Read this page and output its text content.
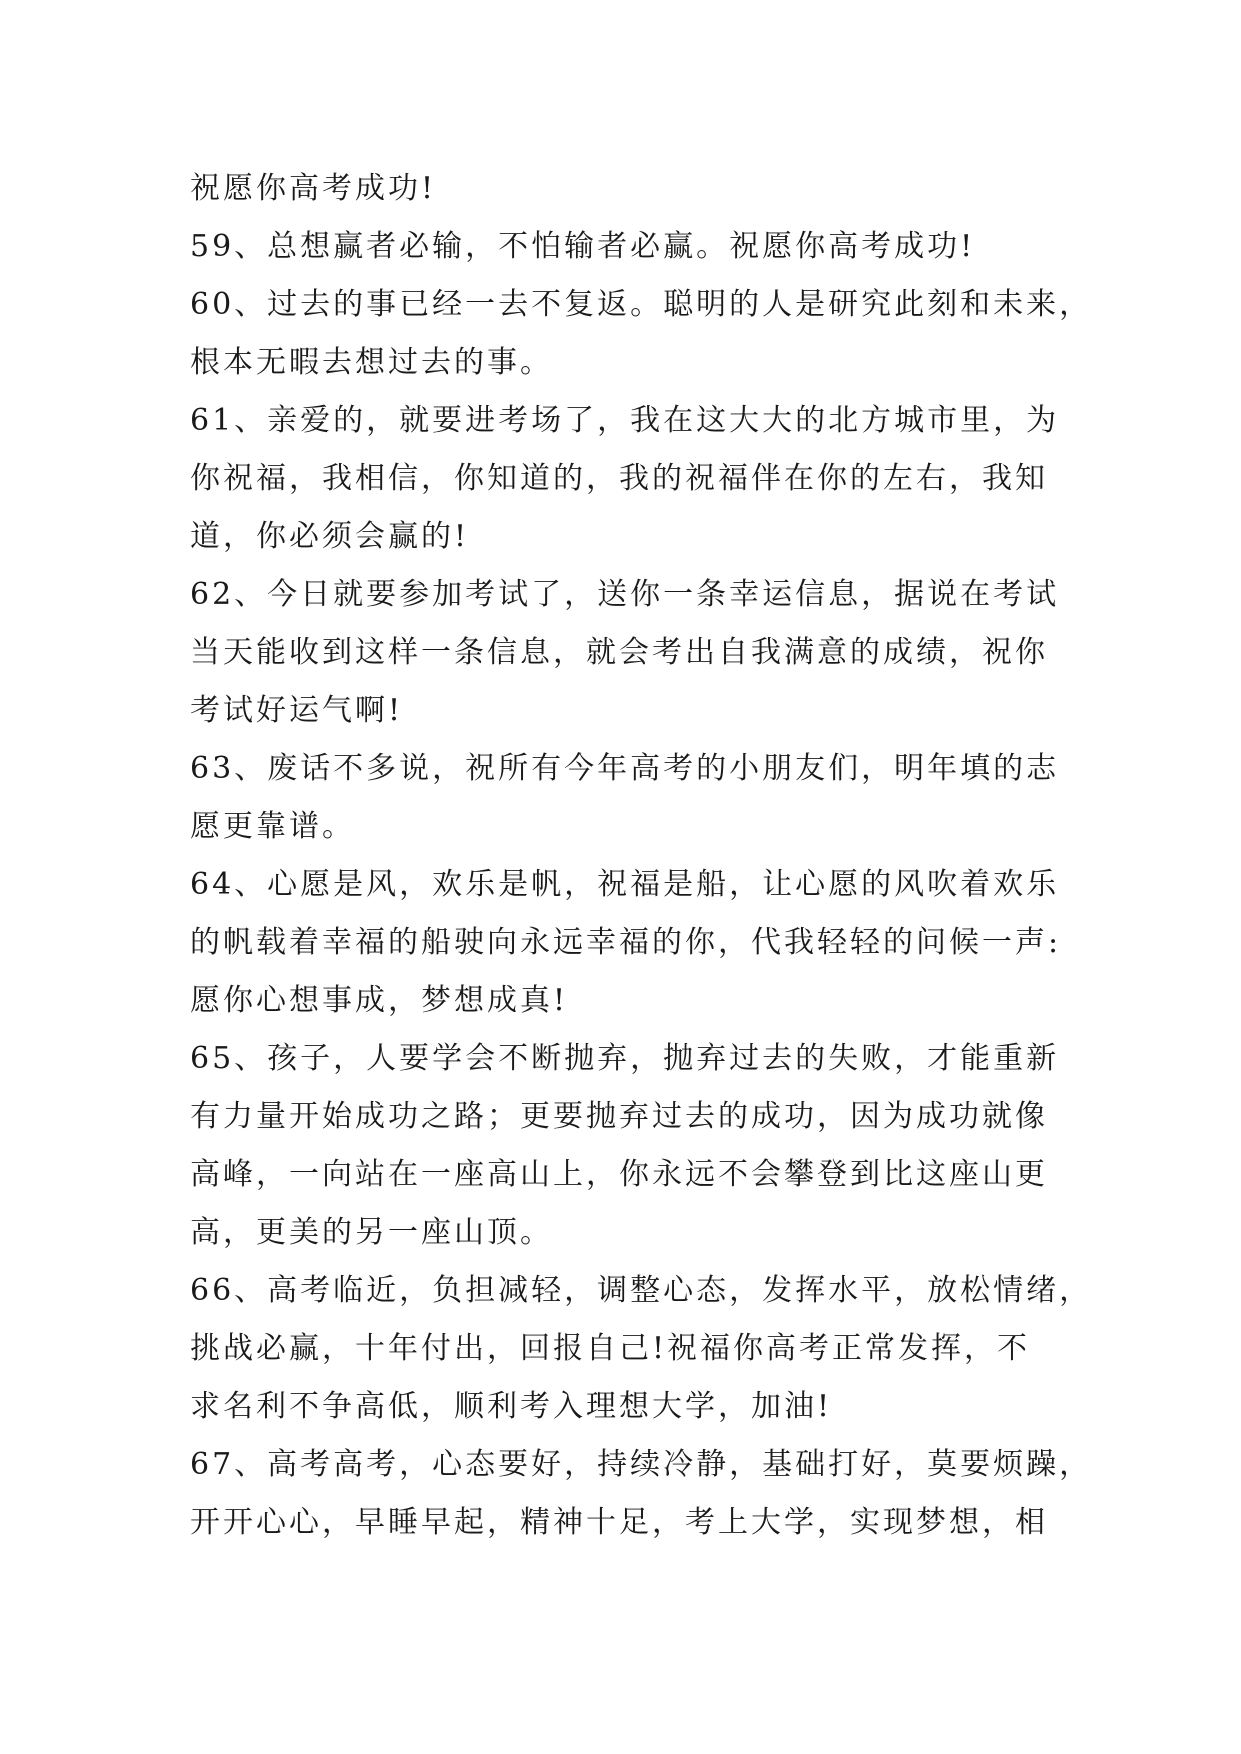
祝愿你高考成功!
59、总想赢者必输，不怕输者必赢。祝愿你高考成功!
60、过去的事已经一去不复返。聪明的人是研究此刻和未来，
根本无暇去想过去的事。
61、亲爱的，就要进考场了，我在这大大的北方城市里，为
你祝福，我相信，你知道的，我的祝福伴在你的左右，我知
道，你必须会赢的!
62、今日就要参加考试了，送你一条幸运信息，据说在考试
当天能收到这样一条信息，就会考出自我满意的成绩，祝你
考试好运气啊!
63、废话不多说，祝所有今年高考的小朋友们，明年填的志
愿更靠谱。
64、心愿是风，欢乐是帆，祝福是船，让心愿的风吹着欢乐
的帆载着幸福的船驶向永远幸福的你，代我轻轻的问候一声:
愿你心想事成，梦想成真!
65、孩子，人要学会不断抛弃，抛弃过去的失败，才能重新
有力量开始成功之路；更要抛弃过去的成功，因为成功就像
高峰，一向站在一座高山上，你永远不会攀登到比这座山更
高，更美的另一座山顶。
66、高考临近，负担减轻，调整心态，发挥水平，放松情绪，
挑战必赢，十年付出，回报自己!祝福你高考正常发挥，不
求名利不争高低，顺利考入理想大学，加油!
67、高考高考，心态要好，持续冷静，基础打好，莫要烦躁，
开开心心，早睡早起，精神十足，考上大学，实现梦想，相
